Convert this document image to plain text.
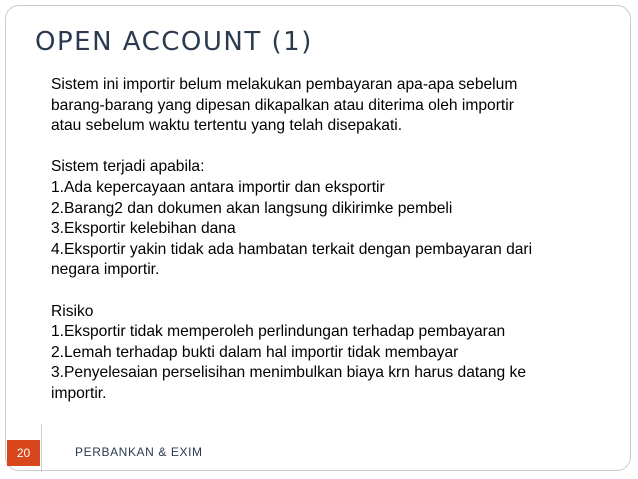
OPEN ACCOUNT (1)
Sistem ini importir belum melakukan pembayaran apa-apa sebelum
barang-barang yang dipesan dikapalkan atau diterima oleh importir
atau sebelum waktu tertentu yang telah disepakati.
Sistem terjadi apabila:
1.Ada kepercayaan antara importir dan eksportir
2.Barang2 dan dokumen akan langsung dikirimke pembeli
3.Eksportir kelebihan dana
4.Eksportir yakin tidak ada hambatan terkait dengan pembayaran dari
negara importir.
Risiko
1.Eksportir tidak memperoleh perlindungan terhadap pembayaran
2.Lemah terhadap bukti dalam hal importir tidak membayar
3.Penyelesaian perselisihan menimbulkan biaya krn harus datang ke
importir.
20	PERBANKAN & EXIM
